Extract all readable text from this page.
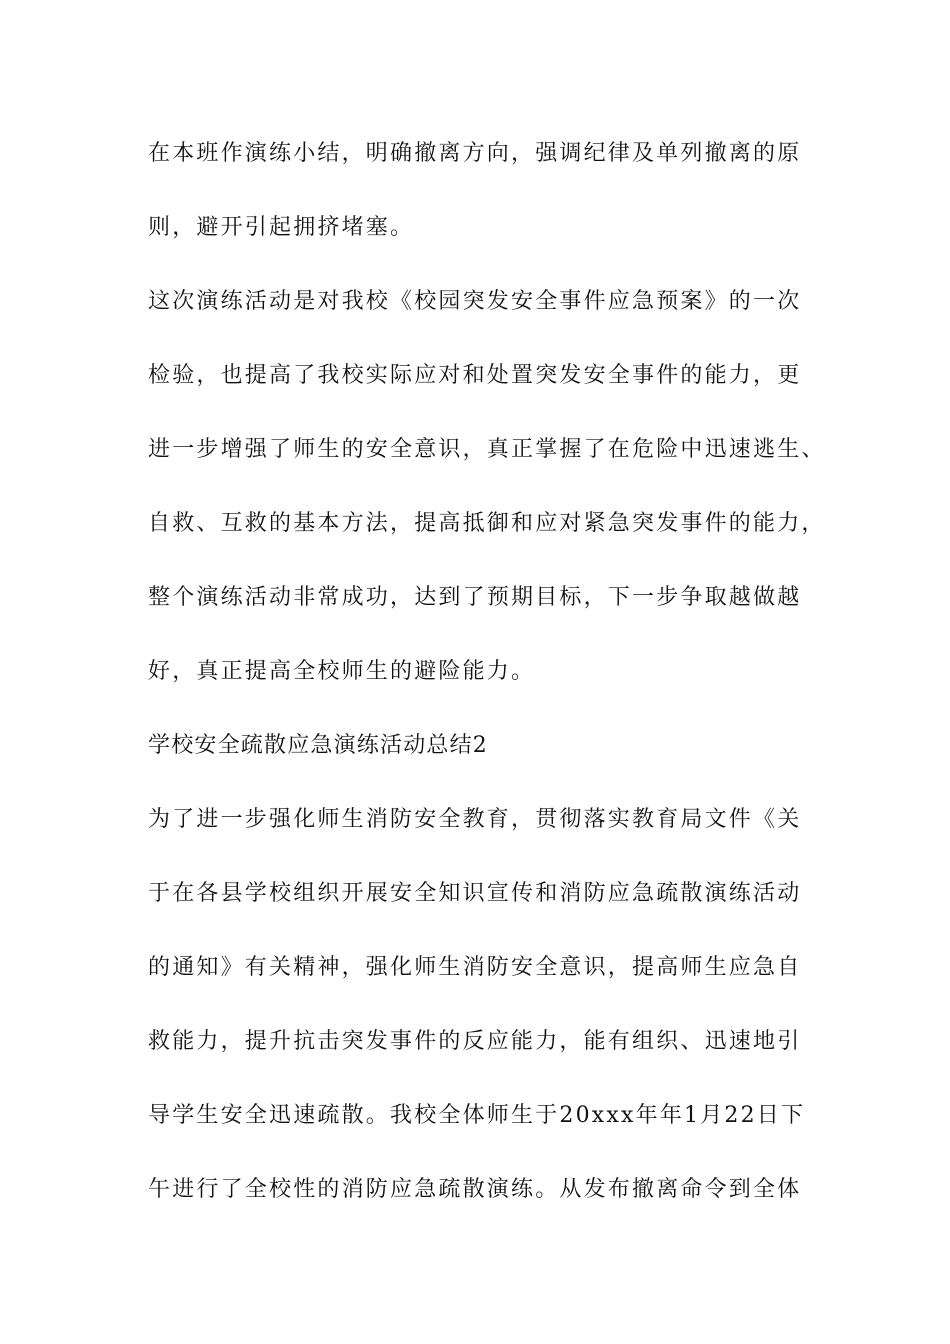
在本班作演练小结，明确撤离方向，强调纪律及单列撤离的原
则，避开引起拥挤堵塞。
这次演练活动是对我校《校园突发安全事件应急预案》的一次
检验，也提高了我校实际应对和处置突发安全事件的能力，更
进一步增强了师生的安全意识，真正掌握了在危险中迅速逃生、
自救、互救的基本方法，提高抵御和应对紧急突发事件的能力，
整个演练活动非常成功，达到了预期目标，下一步争取越做越
好，真正提高全校师生的避险能力。
学校安全疏散应急演练活动总结2
为了进一步强化师生消防安全教育，贯彻落实教育局文件《关
于在各县学校组织开展安全知识宣传和消防应急疏散演练活动
的通知》有关精神，强化师生消防安全意识，提高师生应急自
救能力，提升抗击突发事件的反应能力，能有组织、迅速地引
导学生安全迅速疏散。我校全体师生于20xxx年年1月22日下
午进行了全校性的消防应急疏散演练。从发布撤离命令到全体
